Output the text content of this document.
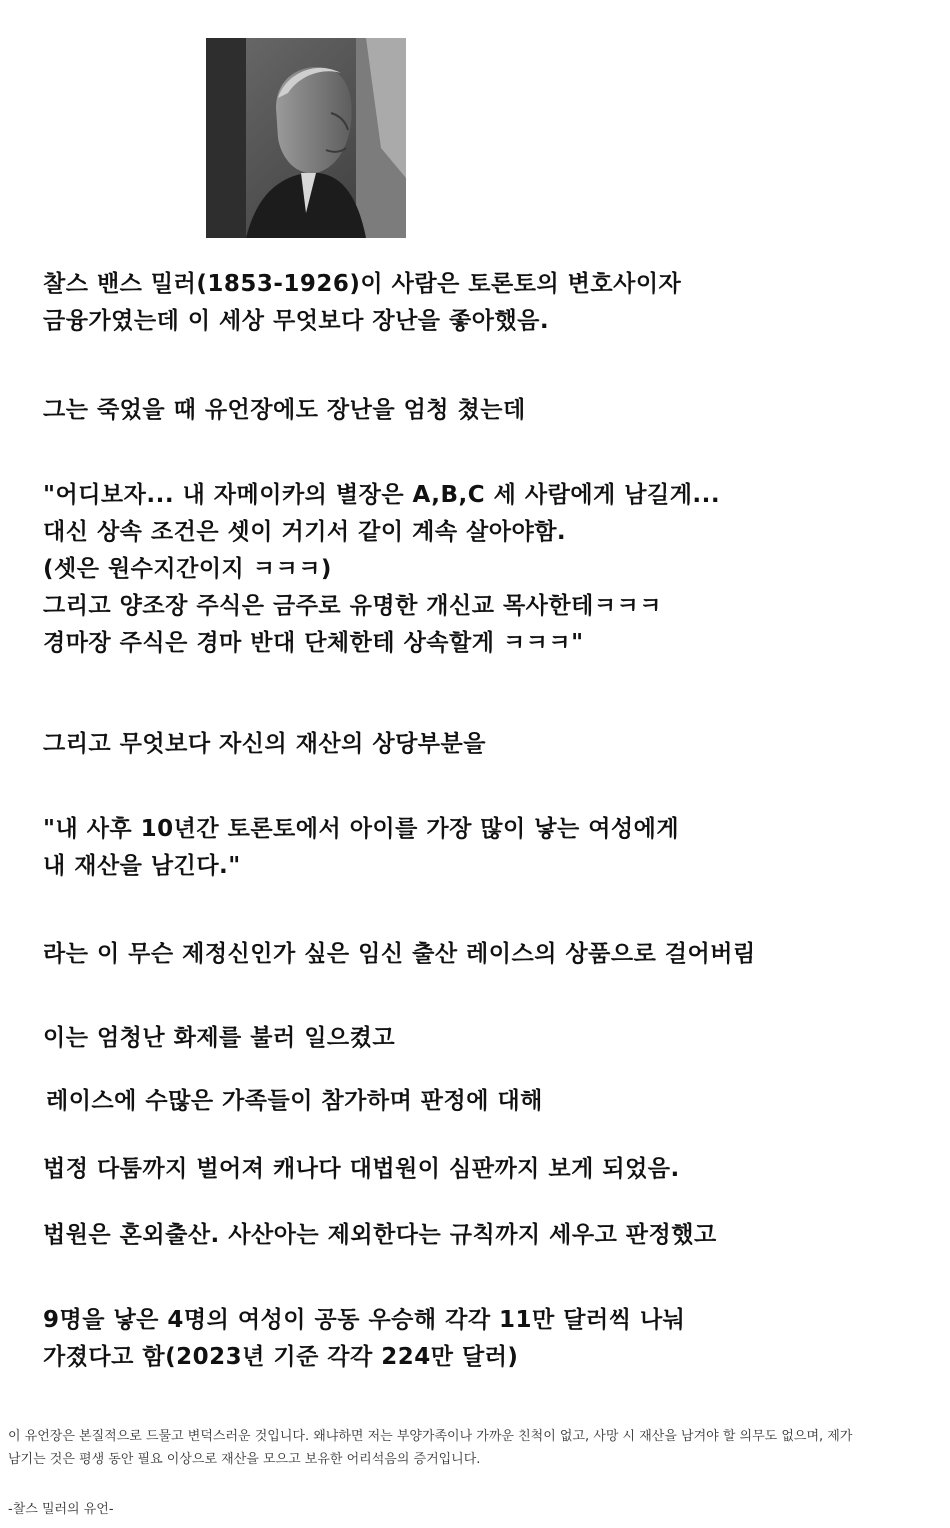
찰스 밴스 밀러(1853-1926)이 사람은 토론토의 변호사이자
금융가였는데 이 세상 무엇보다 장난을 좋아했음.
그는 죽었을 때 유언장에도 장난을 엄청 쳤는데
"어디보자... 내 자메이카의 별장은 A,B,C 세 사람에게 남길게...
대신 상속 조건은 셋이 거기서 같이 계속 살아야함.
(셋은 원수지간이지 ㅋㅋㅋ)
그리고 양조장 주식은 금주로 유명한 개신교 목사한테ㅋㅋㅋ
경마장 주식은 경마 반대 단체한테 상속할게 ㅋㅋㅋ"
그리고 무엇보다 자신의 재산의 상당부분을
"내 사후 10년간 토론토에서 아이를 가장 많이 낳는 여성에게
내 재산을 남긴다."
라는 이 무슨 제정신인가 싶은 임신 출산 레이스의 상품으로 걸어버림
이는 엄청난 화제를 불러 일으켰고
레이스에 수많은 가족들이 참가하며 판정에 대해
법정 다툼까지 벌어져 캐나다 대법원이 심판까지 보게 되었음.
법원은 혼외출산. 사산아는 제외한다는 규칙까지 세우고 판정했고
9명을 낳은 4명의 여성이 공동 우승해 각각 11만 달러씩 나눠
가졌다고 함(2023년 기준 각각 224만 달러)
이 유언장은 본질적으로 드물고 변덕스러운 것입니다. 왜냐하면 저는 부양가족이나 가까운 친척이 없고, 사망 시 재산을 남겨야 할 의무도 없으며, 제가
남기는 것은 평생 동안 필요 이상으로 재산을 모으고 보유한 어리석음의 증거입니다.
-찰스 밀러의 유언-
